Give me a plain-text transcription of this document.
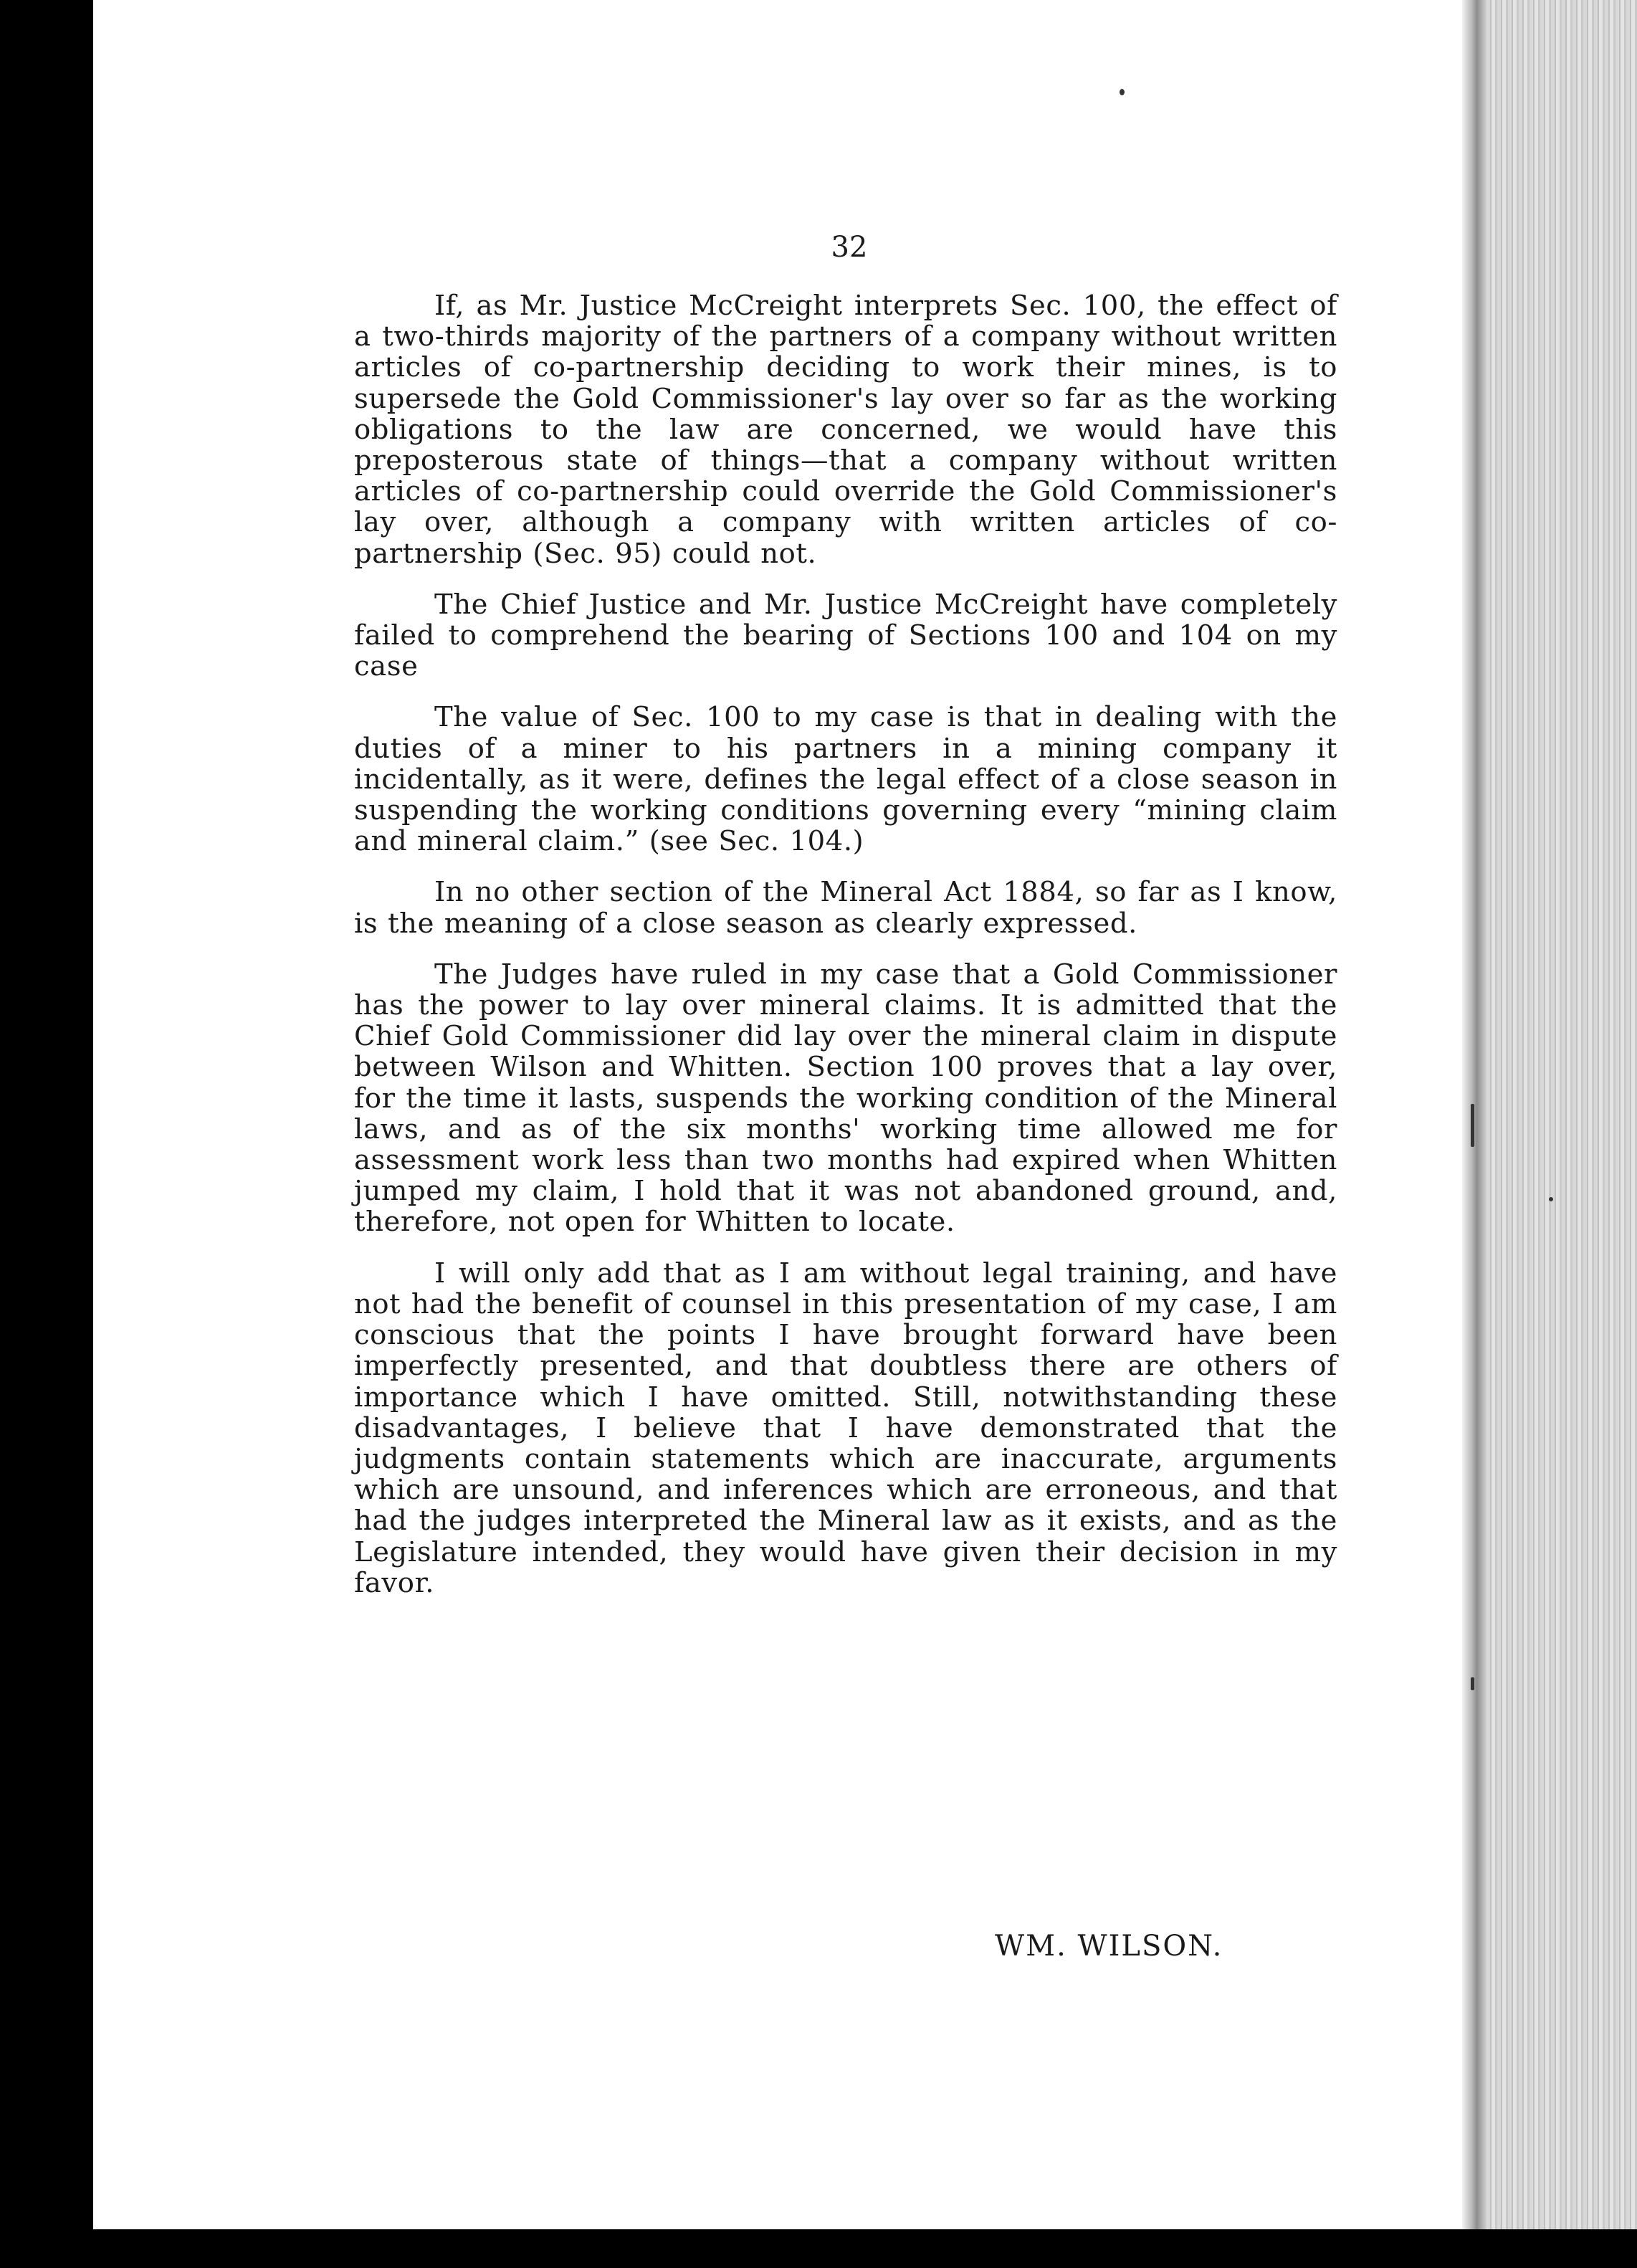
32

If, as Mr. Justice McCreight interprets Sec. 100, the effect of a two-thirds majority of the partners of a company without written articles of co-partnership deciding to work their mines, is to supersede the Gold Commissioner's lay over so far as the working obligations to the law are concerned, we would have this preposterous state of things—that a company without written articles of co-partnership could override the Gold Commissioner's lay over, although a company with written articles of co-partnership (Sec. 95) could not.

The Chief Justice and Mr. Justice McCreight have completely failed to comprehend the bearing of Sections 100 and 104 on my case

The value of Sec. 100 to my case is that in dealing with the duties of a miner to his partners in a mining company it incidentally, as it were, defines the legal effect of a close season in suspending the working conditions governing every “mining claim and mineral claim.” (see Sec. 104.)

In no other section of the Mineral Act 1884, so far as I know, is the meaning of a close season as clearly expressed.

The Judges have ruled in my case that a Gold Commissioner has the power to lay over mineral claims. It is admitted that the Chief Gold Commissioner did lay over the mineral claim in dispute between Wilson and Whitten. Section 100 proves that a lay over, for the time it lasts, suspends the working condition of the Mineral laws, and as of the six months' working time allowed me for assessment work less than two months had expired when Whitten jumped my claim, I hold that it was not abandoned ground, and, therefore, not open for Whitten to locate.

I will only add that as I am without legal training, and have not had the benefit of counsel in this presentation of my case, I am conscious that the points I have brought forward have been imperfectly presented, and that doubtless there are others of importance which I have omitted. Still, notwithstanding these disadvantages, I believe that I have demonstrated that the judgments contain statements which are inaccurate, arguments which are unsound, and inferences which are erroneous, and that had the judges interpreted the Mineral law as it exists, and as the Legislature intended, they would have given their decision in my favor.

WM. WILSON.
